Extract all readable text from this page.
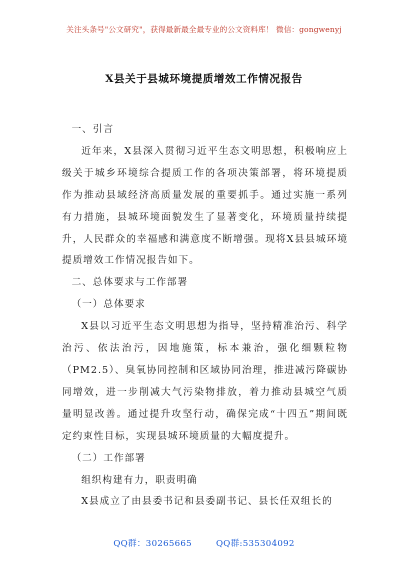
关注头条号"公文研究"，获得最新最全最专业的公文资料库！ 微信：gongwenyj
X县关于县城环境提质增效工作情况报告

一、引言

近年来，X县深入贯彻习近平生态文明思想，积极响应上级关于城乡环境综合提质工作的各项决策部署，将环境提质作为推动县域经济高质量发展的重要抓手。通过实施一系列有力措施，县城环境面貌发生了显著变化，环境质量持续提升，人民群众的幸福感和满意度不断增强。现将X县县城环境提质增效工作情况报告如下。

二、总体要求与工作部署

（一）总体要求

X县以习近平生态文明思想为指导，坚持精准治污、科学治污、依法治污，因地施策，标本兼治，强化细颗粒物（PM2.5）、臭氧协同控制和区域协同治理，推进减污降碳协同增效，进一步削减大气污染物排放，着力推动县城空气质量明显改善。通过提升攻坚行动，确保完成“十四五”期间既定约束性目标，实现县城环境质量的大幅度提升。

（二）工作部署

组织构建有力，职责明确

X县成立了由县委书记和县委副书记、县长任双组长的

QQ群：30265665	QQ群:535304092
